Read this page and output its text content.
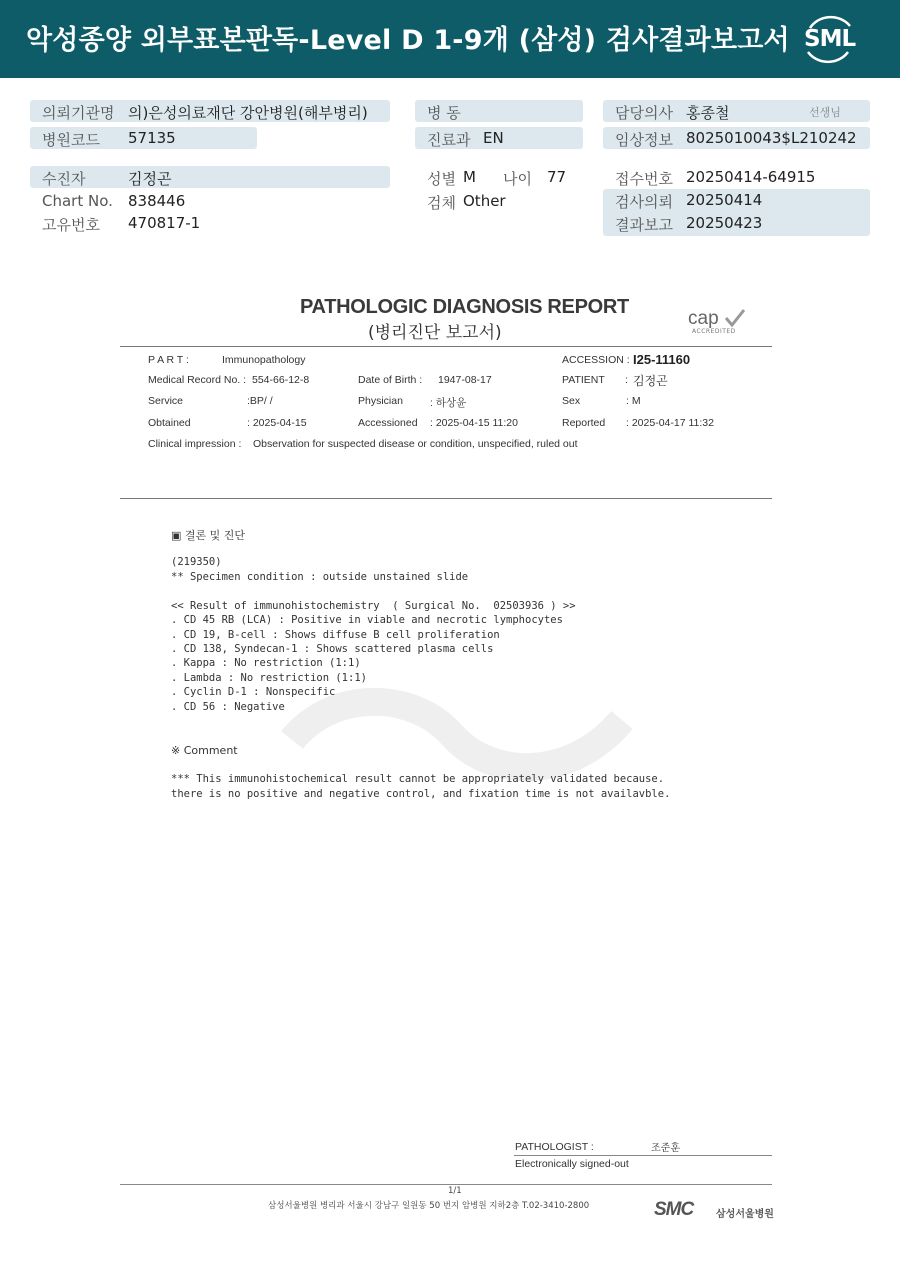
악성종양 외부표본판독-Level D 1-9개 (삼성) 검사결과보고서 SML
의뢰기관명 의)은성의료재단 강안병원(해부병리)
병원코드 57135
수진자	김정곤
Chart No. 838446
고유번호 470817-1
병 동
진료과 EN
성별 M 나이 77
검체 Other
담당의사 홍종철	선생님
임상정보 8025010043$L210242
접수번호 20250414-64915
검사의뢰 20250414
결과보고 20250423
PATHOLOGIC DIAGNOSIS REPORT
(병리진단 보고서)
cap
ACCREDITED
P A R T :	Immunopathology	ACCESSION : I25-11160
Medical Record No. : 554-66-12-8	Date of Birth : 1947-08-17	PATIENT : 김정곤
Service	:BP/ /	Physician	: 하상윤	Sex	: M
Obtained	: 2025-04-15	Accessioned : 2025-04-15 11:20	Reported : 2025-04-17 11:32
Clinical impression : Observation for suspected disease or condition, unspecified, ruled out
▣ 결론 및 진단
(219350)
** Specimen condition : outside unstained slide
<< Result of immunohistochemistry  ( Surgical No.  02503936 ) >>
. CD 45 RB (LCA) : Positive in viable and necrotic lymphocytes
. CD 19, B-cell : Shows diffuse B cell proliferation
. CD 138, Syndecan-1 : Shows scattered plasma cells
. Kappa : No restriction (1:1)
. Lambda : No restriction (1:1)
. Cyclin D-1 : Nonspecific
. CD 56 : Negative
※ Comment
*** This immunohistochemical result cannot be appropriately validated because.
there is no positive and negative control, and fixation time is not availavble.
PATHOLOGIST :	조준훈
Electronically signed-out
1/1
삼성서울병원 병리과 서울시 강남구 일원동 50 번지 암병원 지하2층 T.02-3410-2800	SMC 삼성서울병원
